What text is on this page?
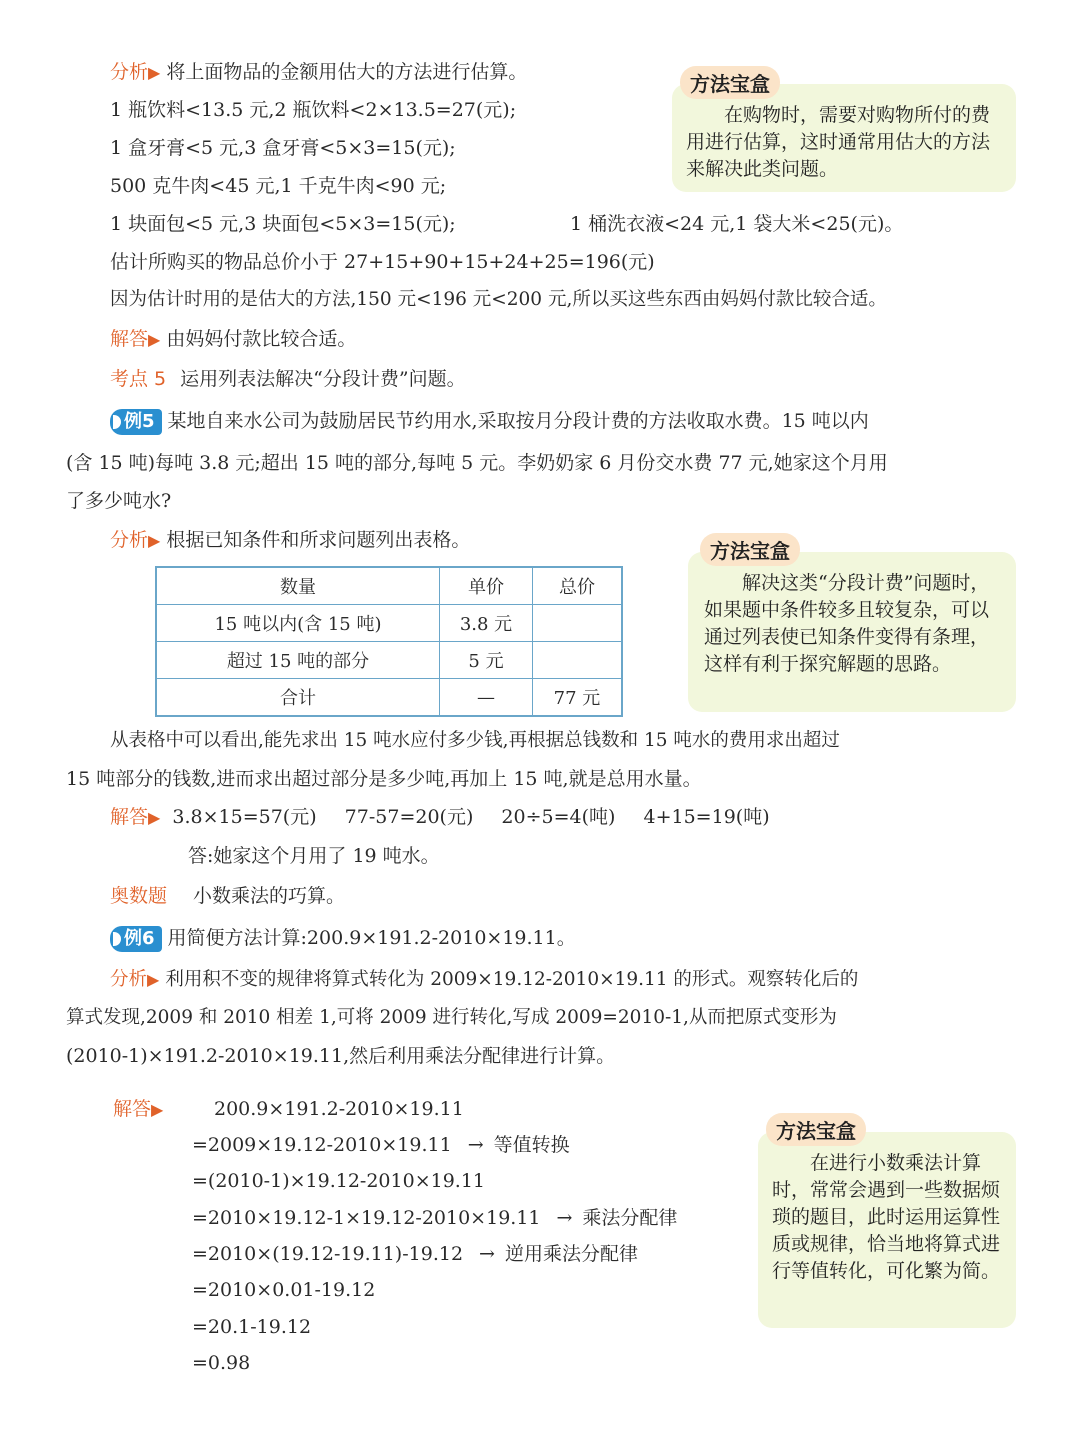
分析▶ 将上面物品的金额用估大的方法进行估算。
1 瓶饮料<13.5 元,2 瓶饮料<2×13.5=27(元);
1 盒牙膏<5 元,3 盒牙膏<5×3=15(元);
500 克牛肉<45 元,1 千克牛肉<90 元;
1 块面包<5 元,3 块面包<5×3=15(元);	1 桶洗衣液<24 元,1 袋大米<25(元)。
估计所购买的物品总价小于 27+15+90+15+24+25=196(元)
因为估计时用的是估大的方法,150 元<196 元<200 元,所以买这些东西由妈妈付款比较合适。
解答▶ 由妈妈付款比较合适。
在购物时，需要对购物所付的费用进行估算，这时通常用估大的方法来解决此类问题。
方法宝盒
考点 5 运用列表法解决“分段计费”问题。
例5 某地自来水公司为鼓励居民节约用水,采取按月分段计费的方法收取水费。15 吨以内
(含 15 吨)每吨 3.8 元;超出 15 吨的部分,每吨 5 元。李奶奶家 6 月份交水费 77 元,她家这个月用
了多少吨水?
分析▶ 根据已知条件和所求问题列出表格。
数量	单价	总价
15 吨以内(含 15 吨)	3.8 元	
超过 15 吨的部分	5 元	
合计	—	77 元
解决这类“分段计费”问题时，如果题中条件较多且较复杂，可以通过列表使已知条件变得有条理，这样有利于探究解题的思路。
方法宝盒
从表格中可以看出,能先求出 15 吨水应付多少钱,再根据总钱数和 15 吨水的费用求出超过
15 吨部分的钱数,进而求出超过部分是多少吨,再加上 15 吨,就是总用水量。
解答▶ 3.8×15=57(元) 77-57=20(元) 20÷5=4(吨) 4+15=19(吨)
答:她家这个月用了 19 吨水。
奥数题 小数乘法的巧算。
例6 用简便方法计算:200.9×191.2-2010×19.11。
分析▶ 利用积不变的规律将算式转化为 2009×19.12-2010×19.11 的形式。观察转化后的
算式发现,2009 和 2010 相差 1,可将 2009 进行转化,写成 2009=2010-1,从而把原式变形为
(2010-1)×191.2-2010×19.11,然后利用乘法分配律进行计算。
解答▶	200.9×191.2-2010×19.11
=2009×19.12-2010×19.11 → 等值转换
=(2010-1)×19.12-2010×19.11
=2010×19.12-1×19.12-2010×19.11 → 乘法分配律
=2010×(19.12-19.11)-19.12 → 逆用乘法分配律
=2010×0.01-19.12
=20.1-19.12
=0.98
在进行小数乘法计算时，常常会遇到一些数据烦琐的题目，此时运用运算性质或规律，恰当地将算式进行等值转化，可化繁为简。
方法宝盒
